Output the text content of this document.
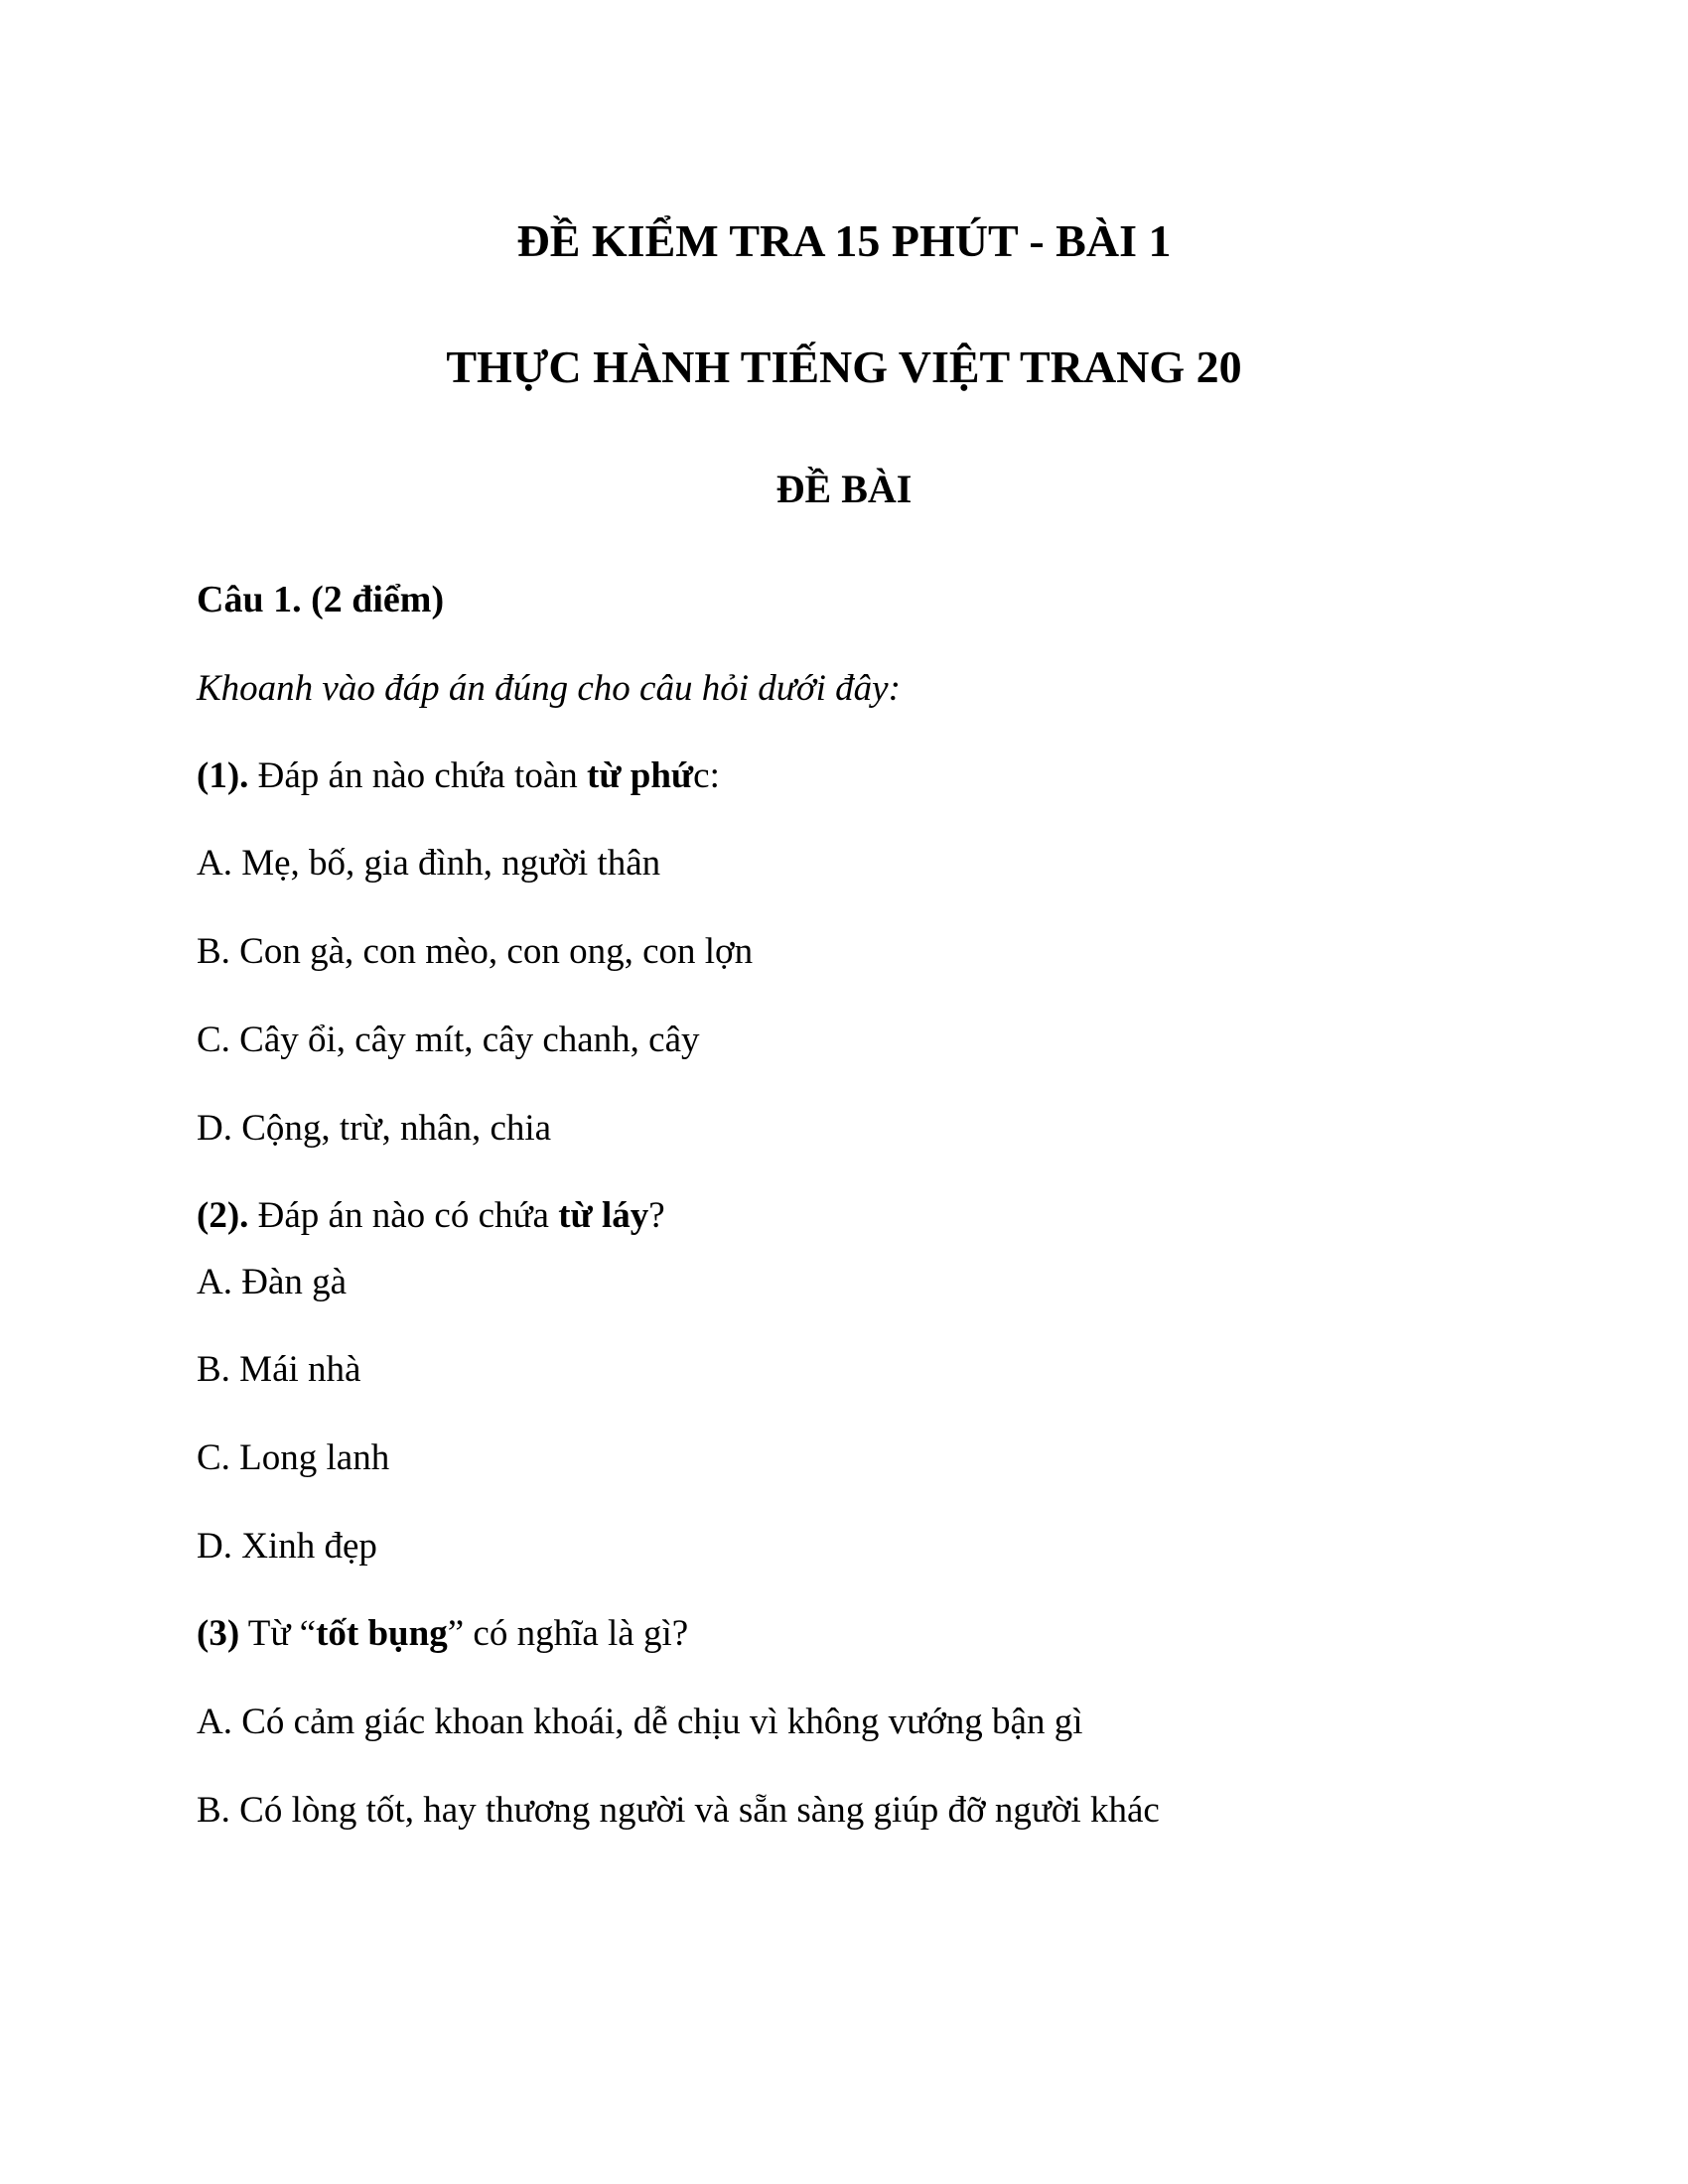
ĐỀ KIỂM TRA 15 PHÚT - BÀI 1
THỰC HÀNH TIẾNG VIỆT TRANG 20
ĐỀ BÀI
Câu 1. (2 điểm)
Khoanh vào đáp án đúng cho câu hỏi dưới đây:
(1). Đáp án nào chứa toàn từ phức:
A. Mẹ, bố, gia đình, người thân
B. Con gà, con mèo, con ong, con lợn
C. Cây ổi, cây mít, cây chanh, cây
D. Cộng, trừ, nhân, chia
(2). Đáp án nào có chứa từ láy?
A. Đàn gà
B. Mái nhà
C. Long lanh
D. Xinh đẹp
(3) Từ “tốt bụng” có nghĩa là gì?
A. Có cảm giác khoan khoái, dễ chịu vì không vướng bận gì
B. Có lòng tốt, hay thương người và sẵn sàng giúp đỡ người khác
